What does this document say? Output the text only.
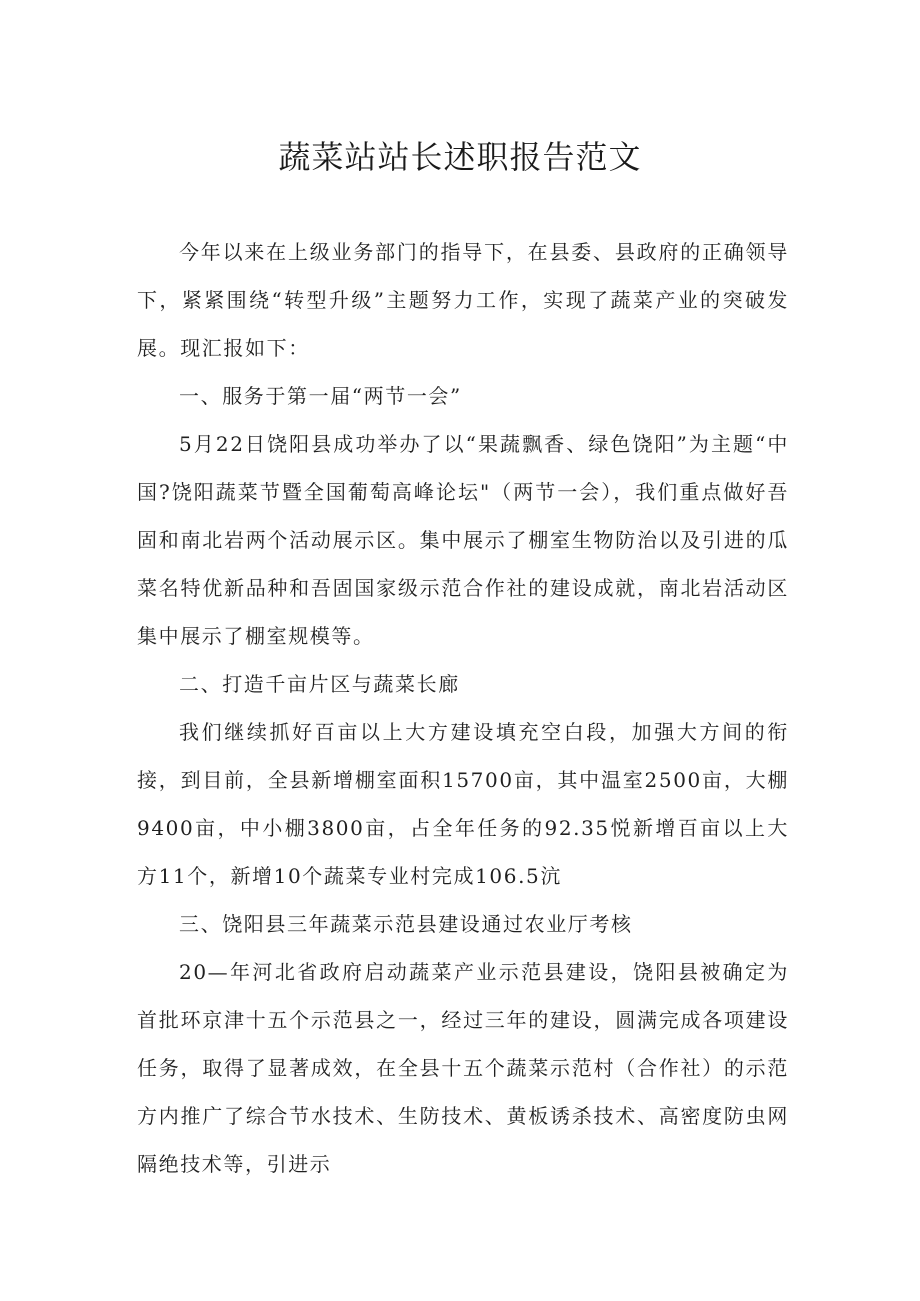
蔬菜站站长述职报告范文

今年以来在上级业务部门的指导下，在县委、县政府的正确领导下，紧紧围绕“转型升级”主题努力工作，实现了蔬菜产业的突破发展。现汇报如下：

一、服务于第一届“两节一会”

5月22日饶阳县成功举办了以“果蔬飘香、绿色饶阳”为主题“中国?饶阳蔬菜节暨全国葡萄高峰论坛"（两节一会），我们重点做好吾固和南北岩两个活动展示区。集中展示了棚室生物防治以及引进的瓜菜名特优新品种和吾固国家级示范合作社的建设成就，南北岩活动区集中展示了棚室规模等。

二、打造千亩片区与蔬菜长廊

我们继续抓好百亩以上大方建设填充空白段，加强大方间的衔接，到目前，全县新增棚室面积15700亩，其中温室2500亩，大棚9400亩，中小棚3800亩，占全年任务的92.35悦新增百亩以上大方11个，新增10个蔬菜专业村完成106.5沆

三、饶阳县三年蔬菜示范县建设通过农业厅考核

20—年河北省政府启动蔬菜产业示范县建设，饶阳县被确定为首批环京津十五个示范县之一，经过三年的建设，圆满完成各项建设任务，取得了显著成效，在全县十五个蔬菜示范村（合作社）的示范方内推广了综合节水技术、生防技术、黄板诱杀技术、高密度防虫网隔绝技术等，引进示
